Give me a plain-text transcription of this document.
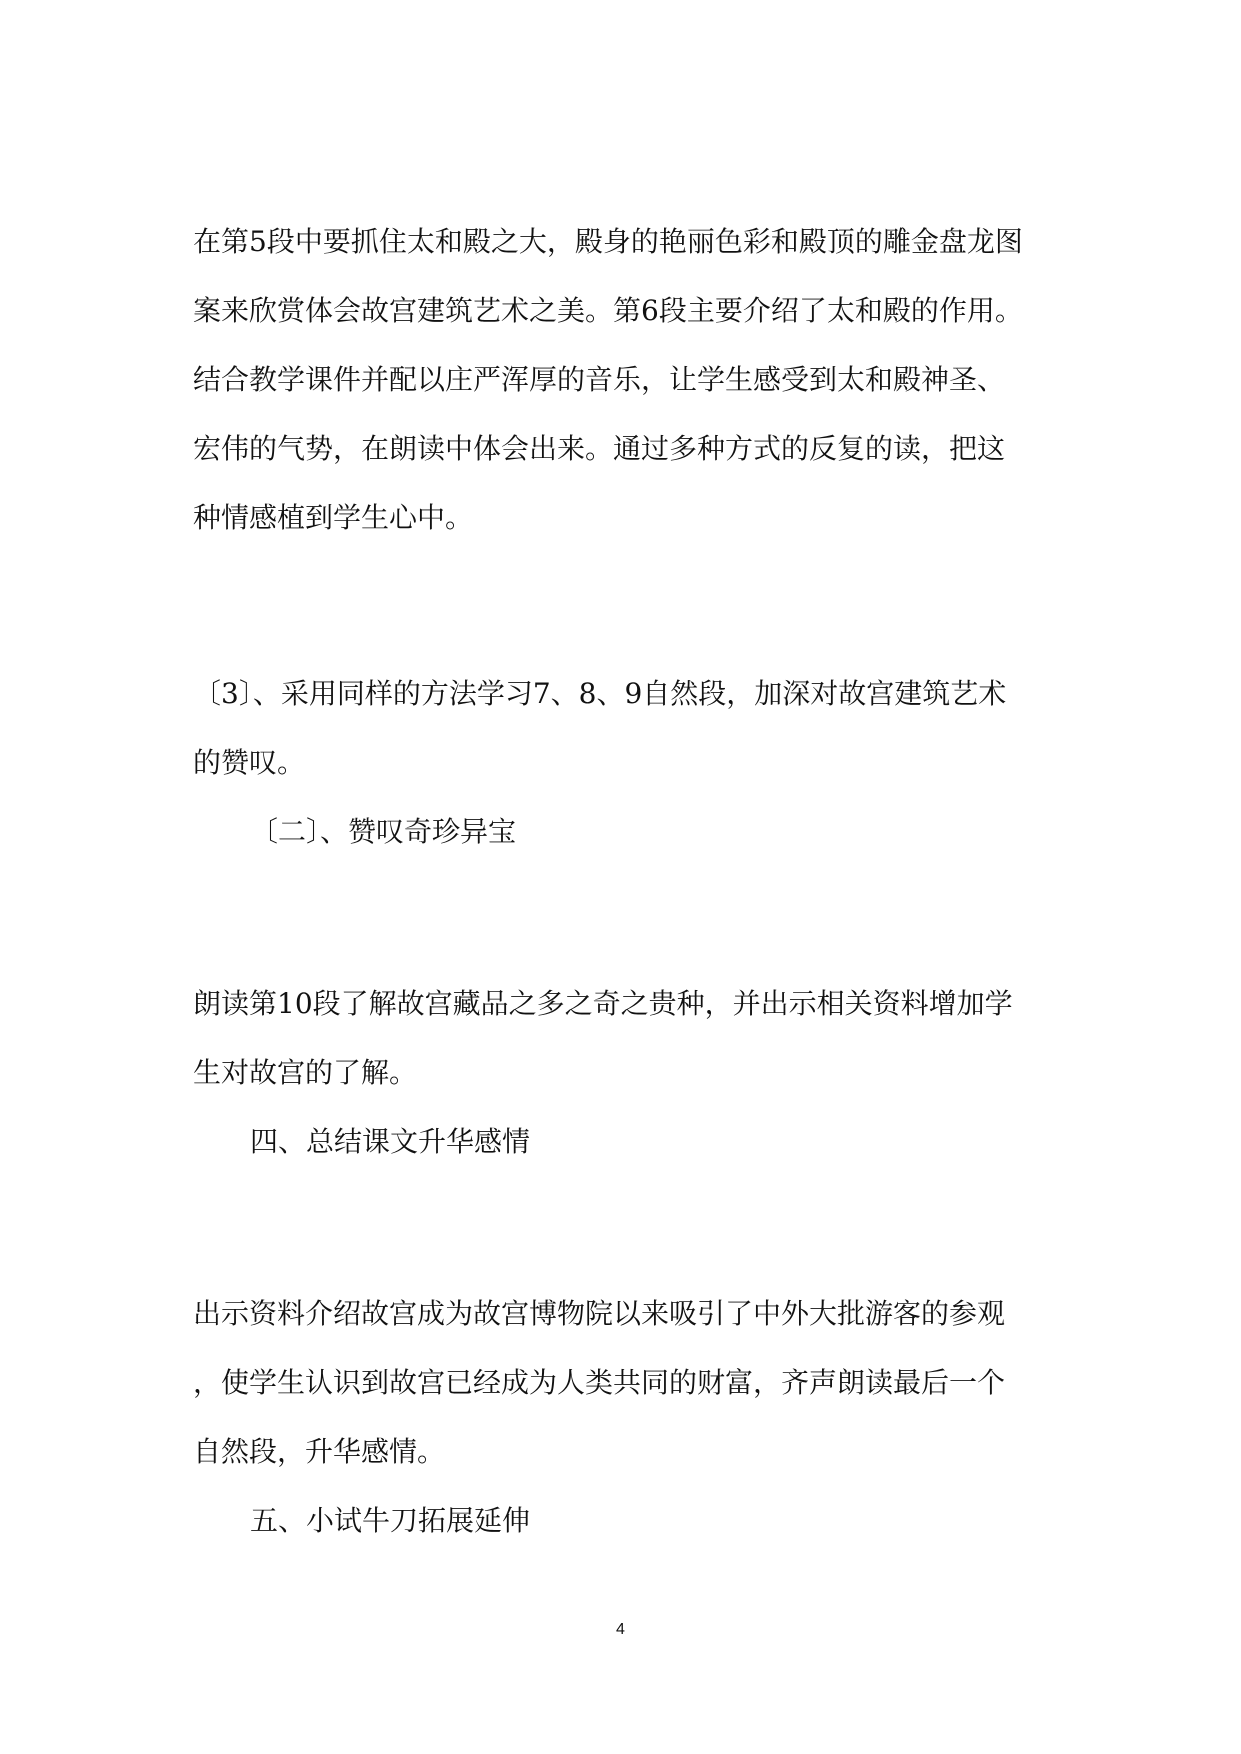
在第5段中要抓住太和殿之大，殿身的艳丽色彩和殿顶的雕金盘龙图
案来欣赏体会故宫建筑艺术之美。第6段主要介绍了太和殿的作用。
结合教学课件并配以庄严浑厚的音乐，让学生感受到太和殿神圣、
宏伟的气势，在朗读中体会出来。通过多种方式的反复的读，把这
种情感植到学生心中。
〔3〕、采用同样的方法学习7、8、9自然段，加深对故宫建筑艺术
的赞叹。
〔二〕、赞叹奇珍异宝
朗读第10段了解故宫藏品之多之奇之贵种，并出示相关资料增加学
生对故宫的了解。
四、总结课文升华感情
出示资料介绍故宫成为故宫博物院以来吸引了中外大批游客的参观
，使学生认识到故宫已经成为人类共同的财富，齐声朗读最后一个
自然段，升华感情。
五、小试牛刀拓展延伸
4
